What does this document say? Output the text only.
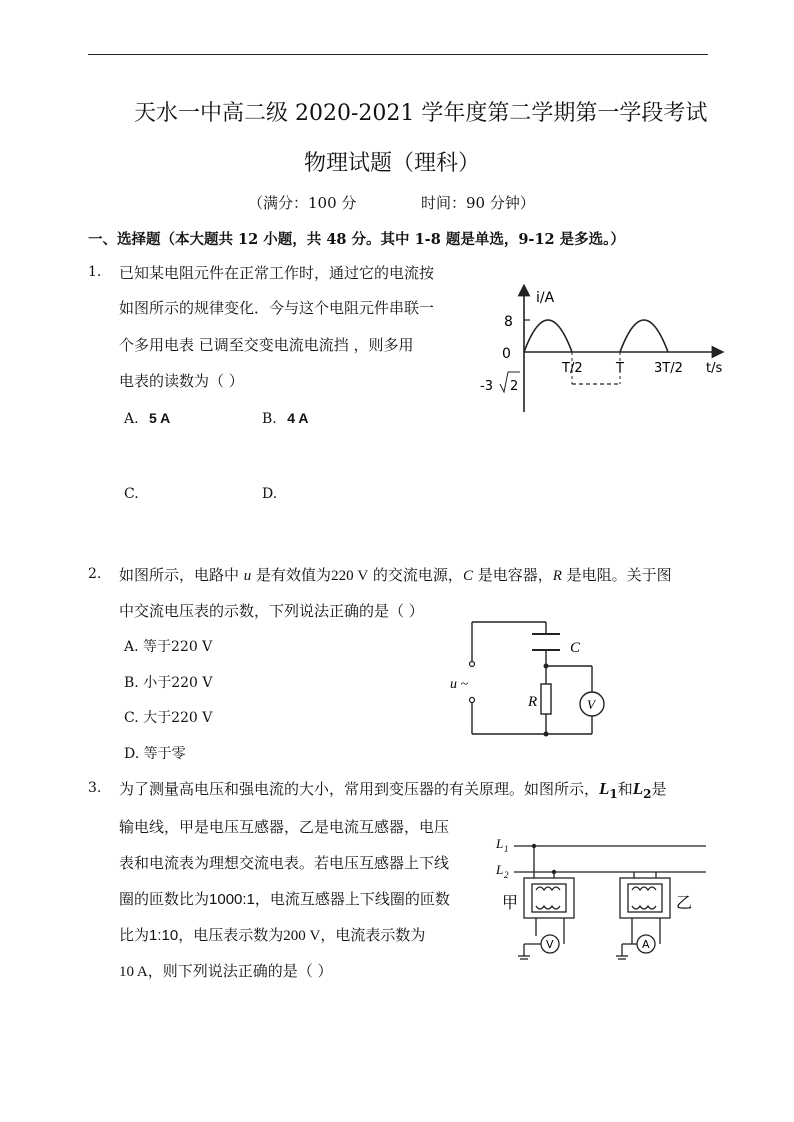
天水一中高二级 2020-2021 学年度第二学期第一学段考试
物理试题（理科）
（满分：100 分	时间：90 分钟）
一、选择题（本大题共 12 小题，共 48 分。其中 1-8 题是单选，9-12 是多选。）
1. 已知某电阻元件在正常工作时，通过它的电流按
如图所示的规律变化．今与这个电阻元件串联一
个多用电表 已调至交变电流电流挡 ，则多用
电表的读数为（ ）
A. 5 A	B. 4 A
C.	D.
i/A
8
0
-3 2
T/2	T 3T/2 t/s
2. 如图所示，电路中 u 是有效值为220 V 的交流电源，C 是电容器，R 是电阻。关于图
中交流电压表的示数，下列说法正确的是（ ）
A. 等于220 V
B. 小于220 V
C. 大于220 V
D. 等于零
C
R
u ~
V
3. 为了测量高电压和强电流的大小，常用到变压器的有关原理。如图所示，$L_1$和$L_2$是
输电线，甲是电压互感器，乙是电流互感器，电压
表和电流表为理想交流电表。若电压互感器上下线
圈的匝数比为1000:1，电流互感器上下线圈的匝数
比为1:10，电压表示数为200 V，电流表示数为
10 A，则下列说法正确的是（ ）
L 1
L 2
甲	乙
V	A
